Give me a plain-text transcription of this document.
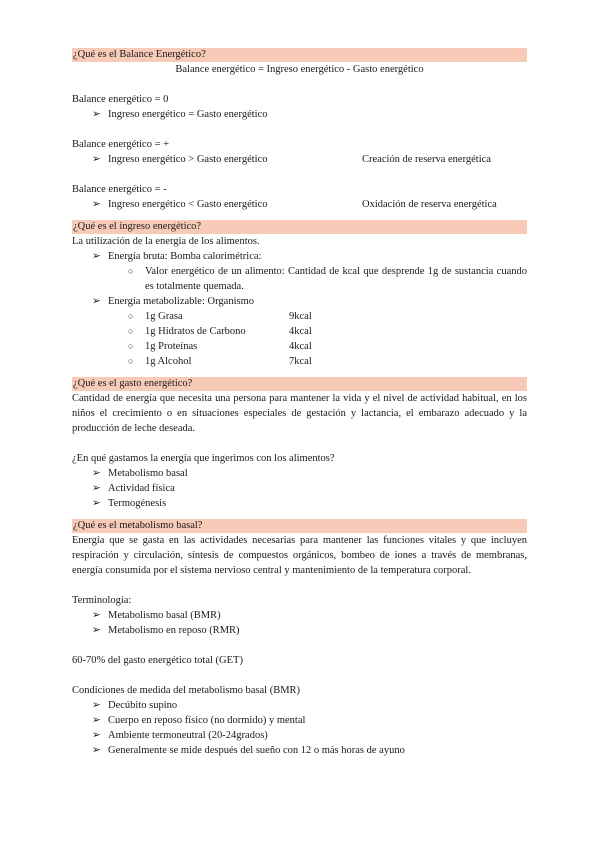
¿Qué es el Balance Energético?

Balance energético = Ingreso energético - Gasto energético

Balance energético = 0

➢ Ingreso energético = Gasto energético

Balance energético = +

➢ Ingreso energético > Gasto energético	Creación de reserva energética

Balance energético = -

➢ Ingreso energético < Gasto energético	Oxidación de reserva energética
¿Qué es el ingreso energético?

La utilización de la energía de los alimentos.

➢ Energía bruta: Bomba calorimétrica:
○ Valor energético de un alimento: Cantidad de kcal que desprende 1g de sustancia cuando es totalmente quemada.
➢ Energía metabolizable: Organismo
○ 1g Grasa	9kcal
○ 1g Hidratos de Carbono	4kcal
○ 1g Proteínas	4kcal
○ 1g Alcohol	7kcal
¿Qué es el gasto energético?

Cantidad de energía que necesita una persona para mantener la vida y el nivel de actividad habitual, en los niños el crecimiento o en situaciones especiales de gestación y lactancia, el embarazo adecuado y la producción de leche deseada.

¿En qué gastamos la energía que ingerimos con los alimentos?

➢ Metabolismo basal
➢ Actividad física
➢ Termogénesis
¿Qué es el metabolismo basal?

Energía que se gasta en las actividades necesarias para mantener las funciones vitales y que incluyen respiración y circulación, síntesis de compuestos orgánicos, bombeo de iones a través de membranas, energía consumida por el sistema nervioso central y mantenimiento de la temperatura corporal.

Terminología:

➢ Metabolismo basal (BMR)
➢ Metabolismo en reposo (RMR)

60-70% del gasto energético total (GET)

Condiciones de medida del metabolismo basal (BMR)

➢ Decúbito supino
➢ Cuerpo en reposo físico (no dormido) y mental
➢ Ambiente termoneutral (20-24grados)
➢ Generalmente se mide después del sueño con 12 o más horas de ayuno
